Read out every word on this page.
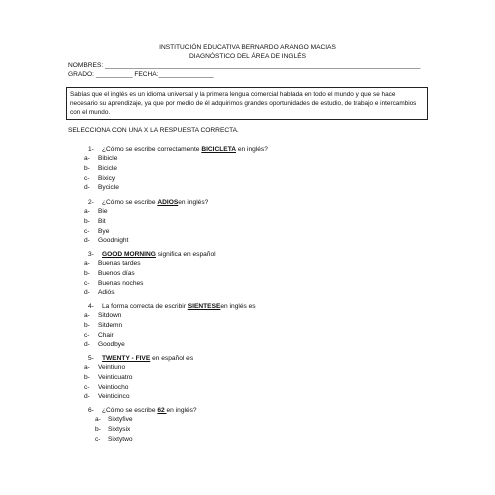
INSTITUCIÓN EDUCATIVA BERNARDO ARANGO MACIAS
DIAGNÓSTICO DEL ÁREA DE INGLÉS
NOMBRES: ______________________________________________________________________________________
GRADO: __________ FECHA:_______________
Sabías que el inglés es un idioma universal y la primera lengua comercial hablada en todo el mundo y que se hace necesario su aprendizaje, ya que por medio de él adquirimos grandes oportunidades de estudio, de trabajo e intercambios con el mundo.
SELECCIONA CON UNA X LA RESPUESTA CORRECTA.
1- ¿Cómo se escribe correctamente BICICLETA en inglés?
a- Bibicle
b- Bicicle
c- Bixicy
d- Bycicle
2- ¿Cómo se escribe ADIOSen inglés?
a- Bie
b- Bit
c- Bye
d- Goodnight
3- GOOD MORNING significa en español
a- Buenas tardes
b- Buenos días
c- Buenas noches
d- Adiós
4- La forma correcta de escribir SIENTESEen inglés es
a- Sitdown
b- Sitdemn
c- Chair
d- Goodbye
5- TWENTY - FIVE en español es
a- Veintiuno
b- Veinticuatro
c- Veintiocho
d- Veinticinco
6- ¿Cómo se escribe 62 en inglés?
a- Sixtyfive
b- Sixtysix
c- Sixtytwo
